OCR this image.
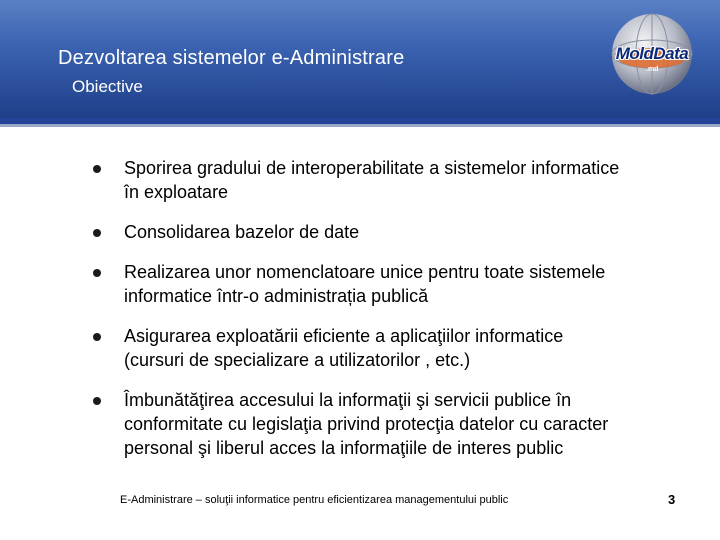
Dezvoltarea sistemelor e-Administrare
Obiective
MoldData
.md
Sporirea gradului de interoperabilitate a sistemelor informatice
în exploatare
Consolidarea bazelor de date
Realizarea unor nomenclatoare unice pentru toate sistemele
informatice într-o administrația publică
Asigurarea exploatării eficiente a aplicaţiilor informatice
(cursuri de specializare a utilizatorilor , etc.)
Îmbunătăţirea accesului la informaţii şi servicii publice în
conformitate cu legislaţia privind protecţia datelor cu caracter
personal şi liberul acces la informaţiile de interes public
E-Administrare – soluţii informatice pentru eficientizarea managementului public	3
